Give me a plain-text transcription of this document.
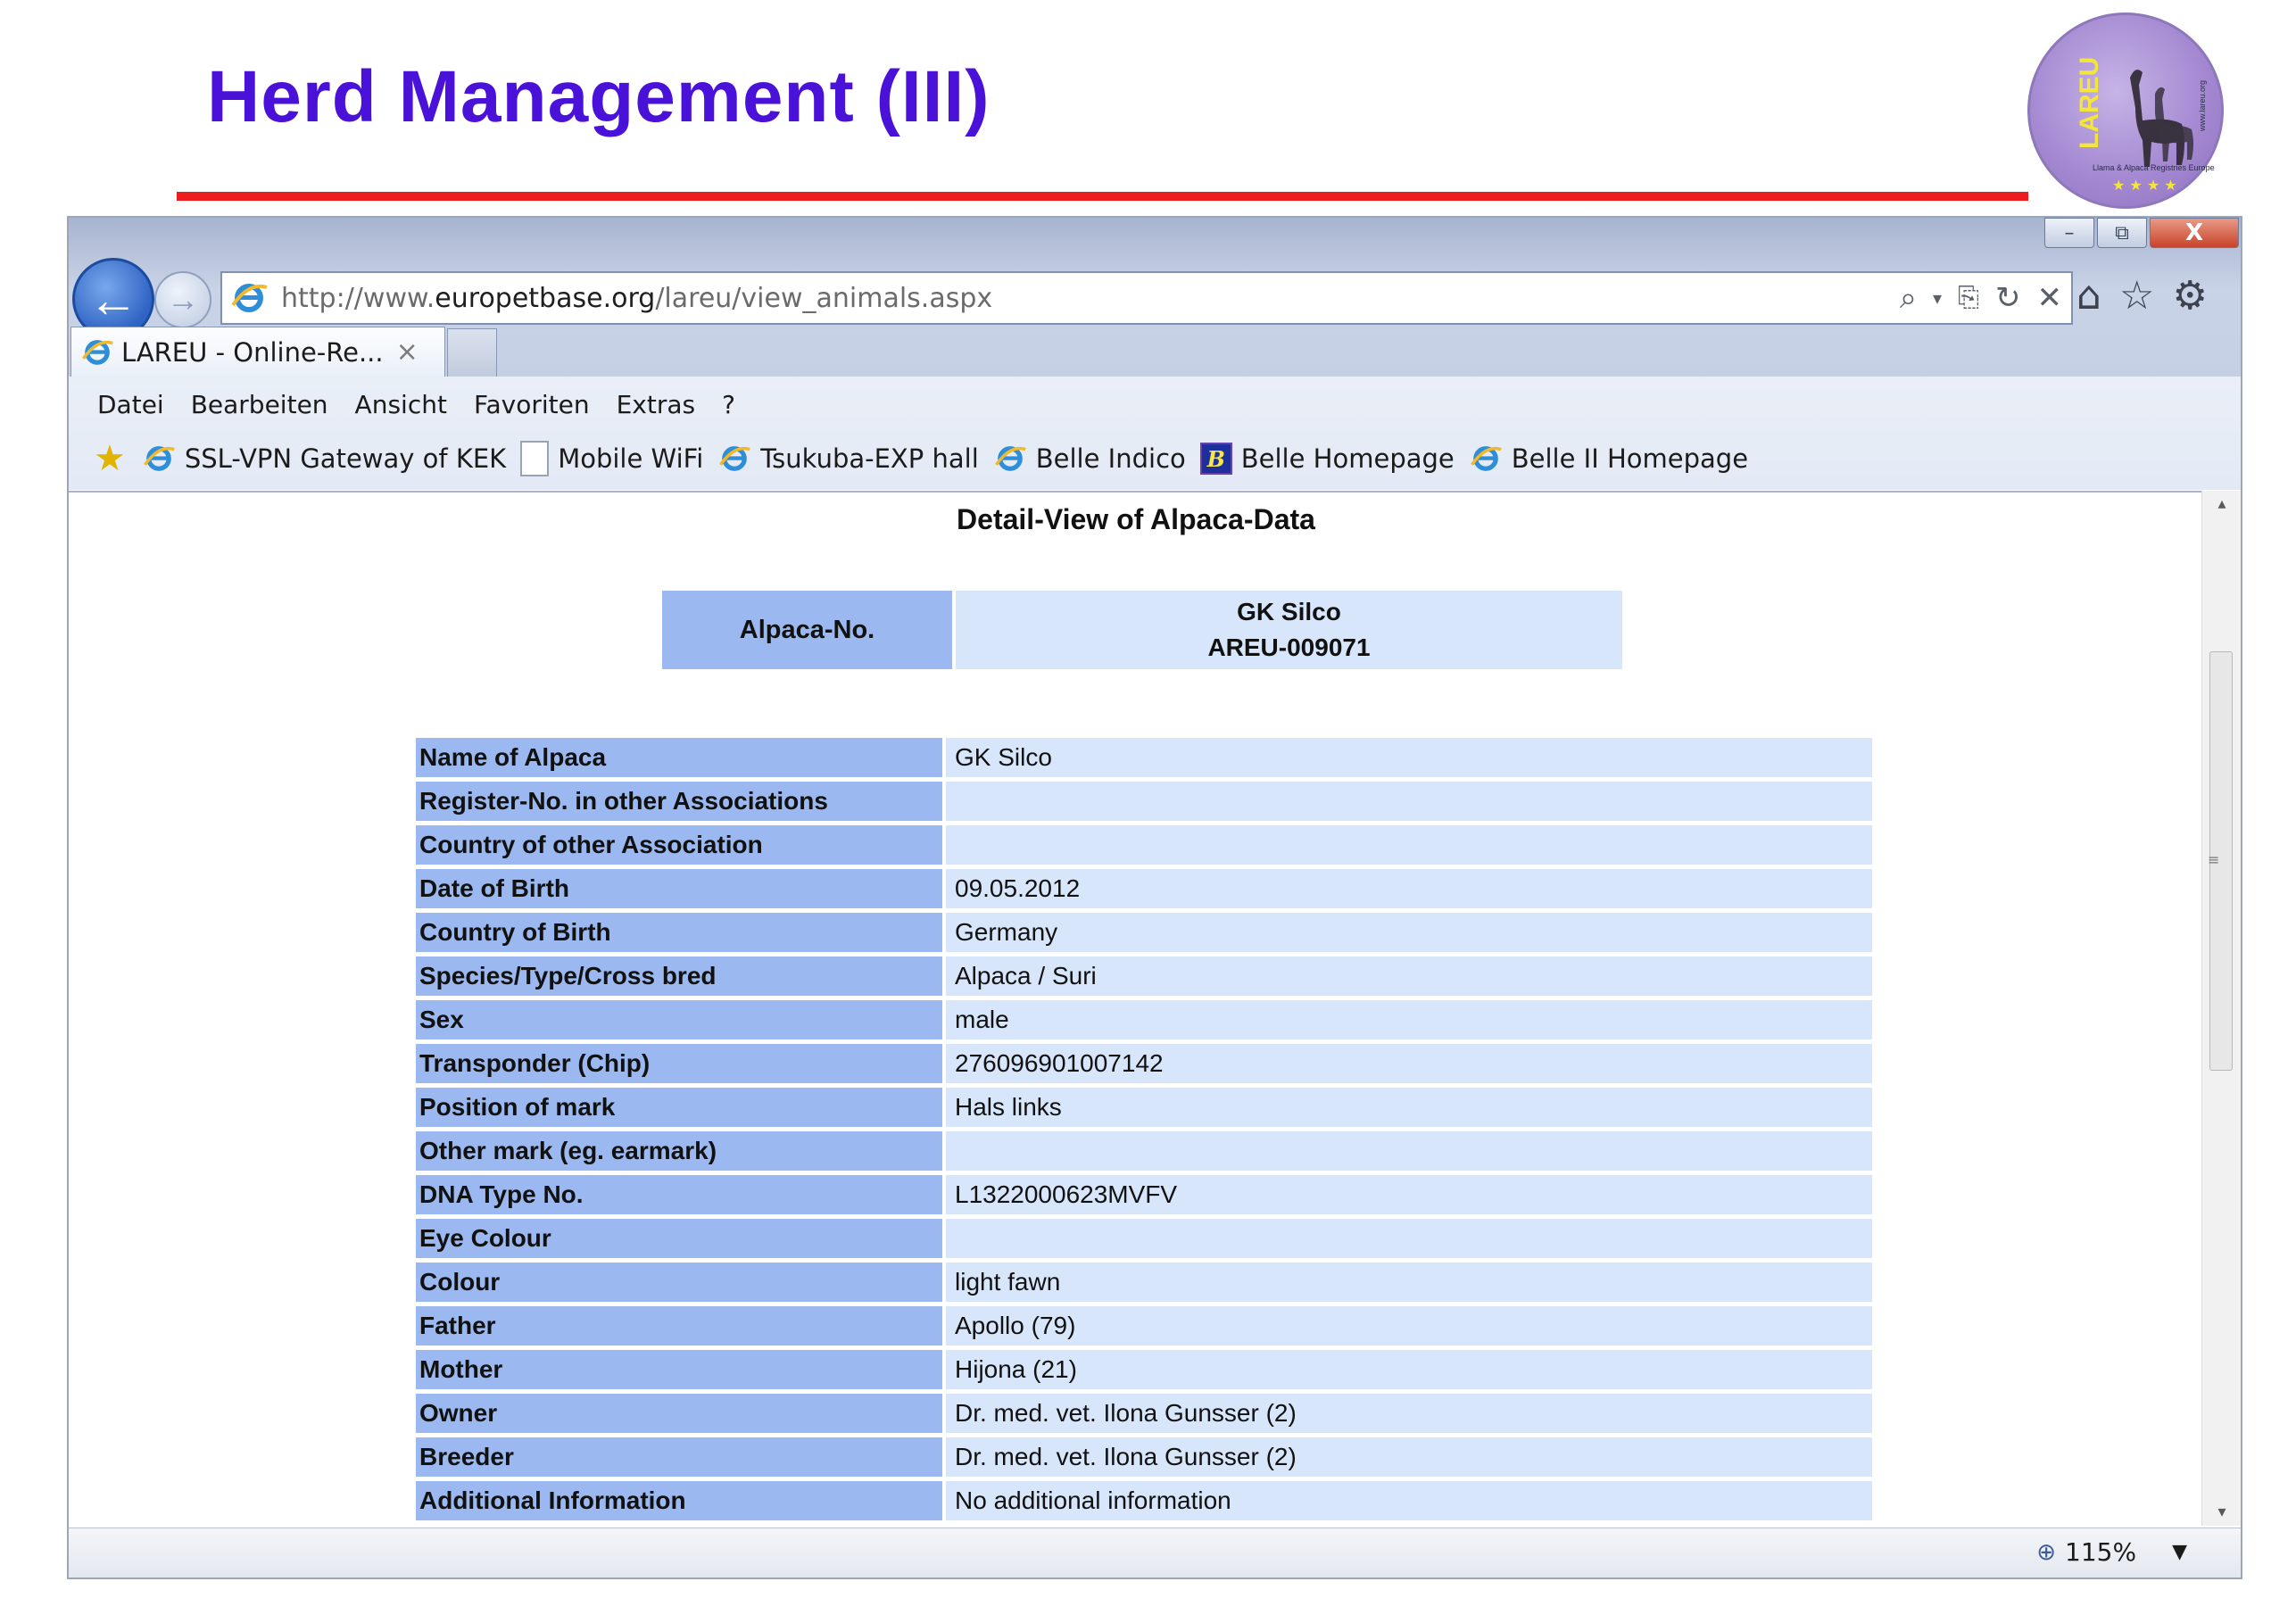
Herd Management (III)	LAREU
★ ★ ★ ★
Llama & Alpaca Registries Europe
www.lareu.org
–	⧉	X
← →	http://www.europetbase.org/lareu/view_animals.aspx	⌕ ▾ ⎘ ↻ ✕ ⌂ ☆ ⚙
LAREU - Online-Re... ×
Datei Bearbeiten Ansicht Favoriten Extras ?
★ SSL-VPN Gateway of KEK Mobile WiFi Tsukuba-EXP hall Belle Indico B Belle Homepage Belle II Homepage
Detail-View of Alpaca-Data
Alpaca-No.
GK Silco
AREU-009071
Name of Alpaca	GK Silco
Register-No. in other Associations	
Country of other Association	
Date of Birth	09.05.2012
Country of Birth	Germany
Species/Type/Cross bred	Alpaca / Suri
Sex	male
Transponder (Chip)	276096901007142
Position of mark	Hals links
Other mark (eg. earmark)	
DNA Type No.	L1322000623MVFV
Eye Colour	
Colour	light fawn
Father	Apollo (79)
Mother	Hijona (21)
Owner	Dr. med. vet. Ilona Gunsser (2)
Breeder	Dr. med. vet. Ilona Gunsser (2)
Additional Information	No additional information
▴
≡
▾
⊕ 115% ▼
